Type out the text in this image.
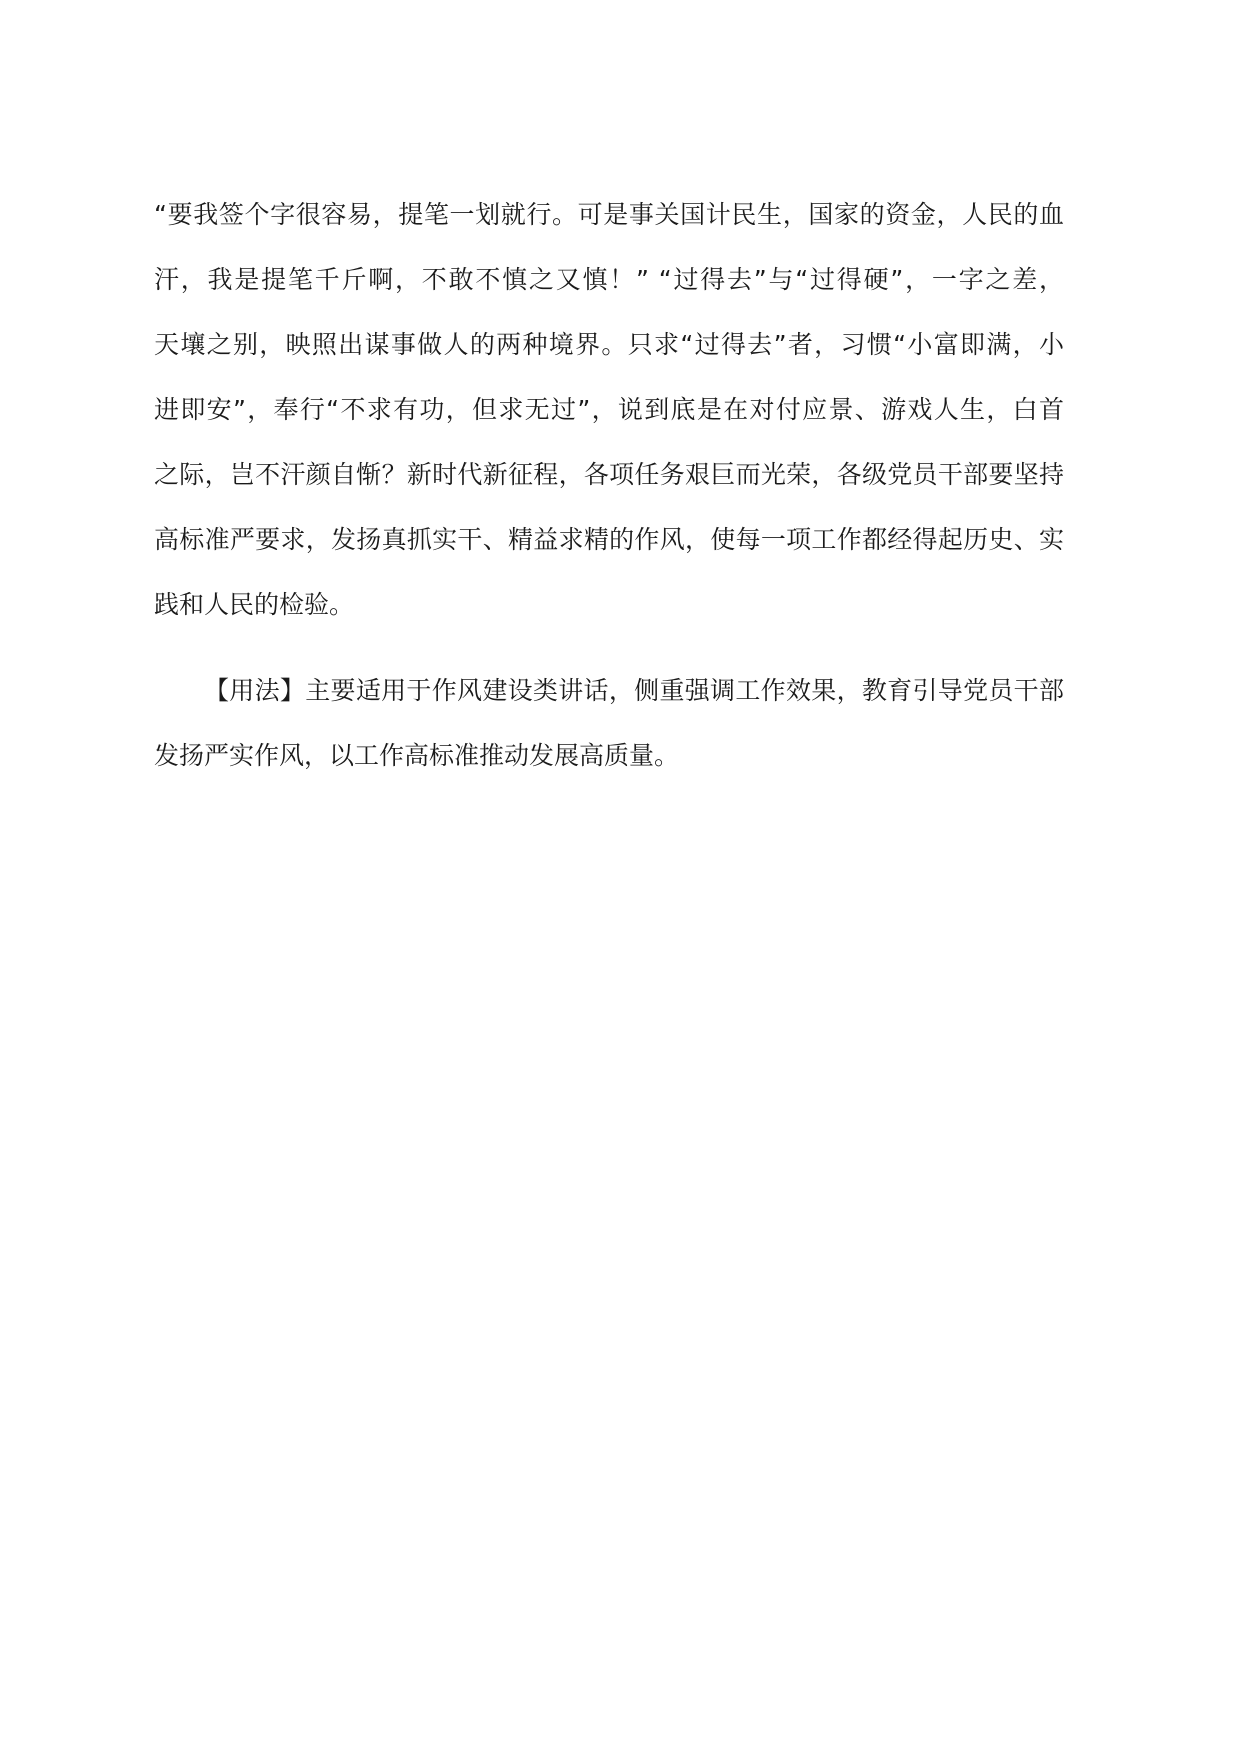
“要我签个字很容易，提笔一划就行。可是事关国计民生，国家的资金，人民的血
汗，我是提笔千斤啊，不敢不慎之又慎！” “过得去”与“过得硬”，一字之差，
天壤之别，映照出谋事做人的两种境界。只求“过得去”者，习惯“小富即满，小
进即安”，奉行“不求有功，但求无过”，说到底是在对付应景、游戏人生，白首
之际，岂不汗颜自惭？新时代新征程，各项任务艰巨而光荣，各级党员干部要坚持
高标准严要求，发扬真抓实干、精益求精的作风，使每一项工作都经得起历史、实
践和人民的检验。
【用法】主要适用于作风建设类讲话，侧重强调工作效果，教育引导党员干部
发扬严实作风，以工作高标准推动发展高质量。
